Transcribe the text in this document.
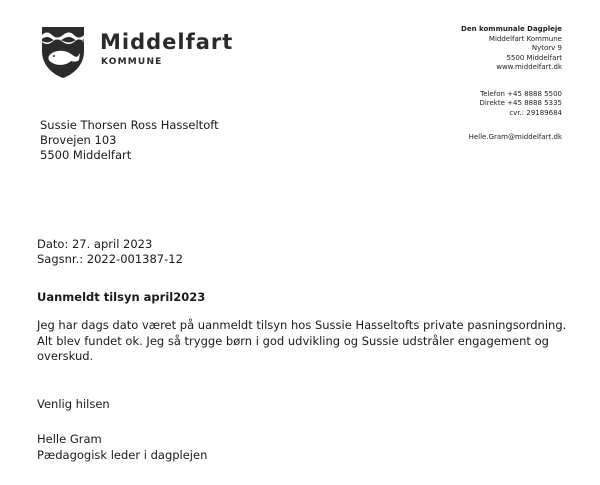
Middelfart
KOMMUNE
Den kommunale Dagpleje
Middelfart Kommune
Nytorv 9
5500 Middelfart
www.middelfart.dk
Telefon +45 8888 5500
Direkte +45 8888 5335
cvr.: 29189684
Helle.Gram@middelfart.dk
Sussie Thorsen Ross Hasseltoft
Brovejen 103
5500 Middelfart
Dato: 27. april 2023
Sagsnr.: 2022-001387-12
Uanmeldt tilsyn april2023
Jeg har dags dato været på uanmeldt tilsyn hos Sussie Hasseltofts private pasningsordning. Alt blev fundet ok. Jeg så trygge børn i god udvikling og Sussie udstråler engagement og overskud.
Venlig hilsen
Helle Gram
Pædagogisk leder i dagplejen
